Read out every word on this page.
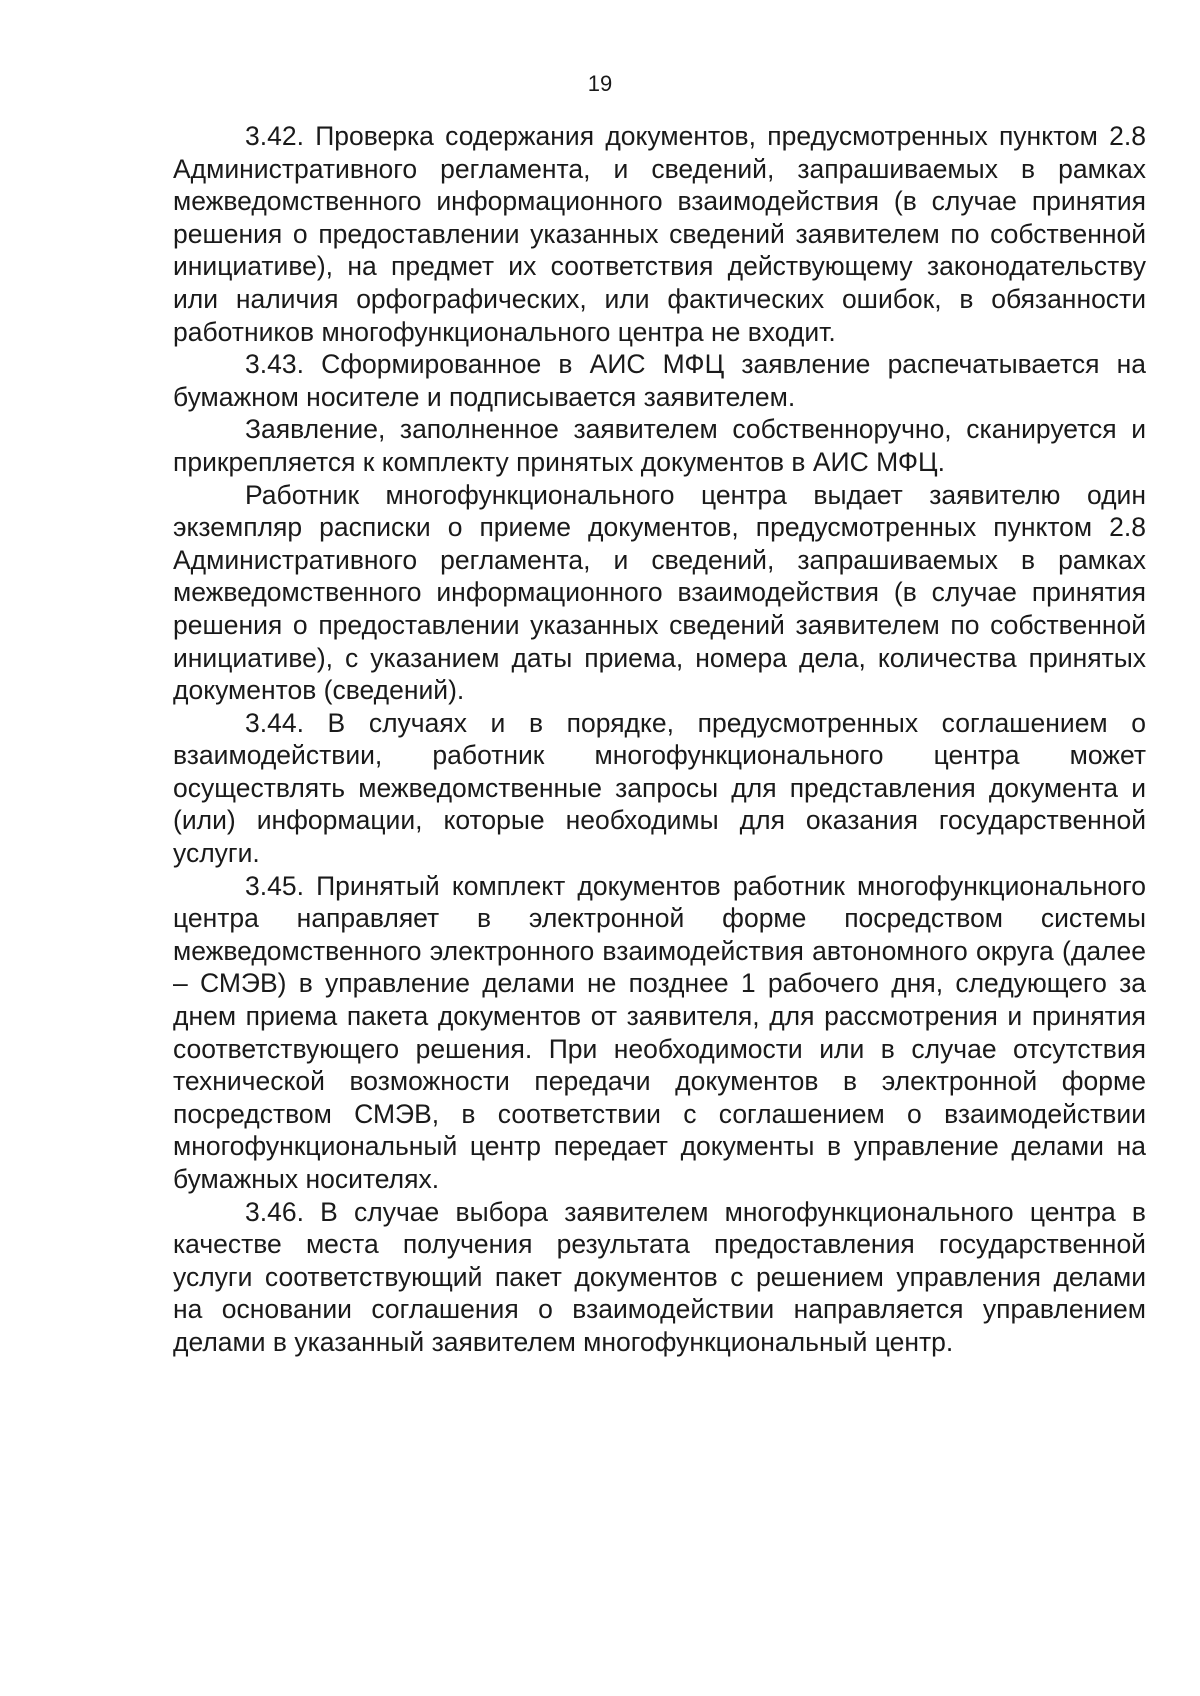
19

3.42. Проверка содержания документов, предусмотренных пунктом 2.8 Административного регламента, и сведений, запрашиваемых в рамках межведомственного информационного взаимодействия (в случае принятия решения о предоставлении указанных сведений заявителем по собственной инициативе), на предмет их соответствия действующему законодательству или наличия орфографических, или фактических ошибок, в обязанности работников многофункционального центра не входит.

3.43. Сформированное в АИС МФЦ заявление распечатывается на бумажном носителе и подписывается заявителем.

Заявление, заполненное заявителем собственноручно, сканируется и прикрепляется к комплекту принятых документов в АИС МФЦ.

Работник многофункционального центра выдает заявителю один экземпляр расписки о приеме документов, предусмотренных пунктом 2.8 Административного регламента, и сведений, запрашиваемых в рамках межведомственного информационного взаимодействия (в случае принятия решения о предоставлении указанных сведений заявителем по собственной инициативе), с указанием даты приема, номера дела, количества принятых документов (сведений).

3.44. В случаях и в порядке, предусмотренных соглашением о взаимодействии, работник многофункционального центра может осуществлять межведомственные запросы для представления документа и (или) информации, которые необходимы для оказания государственной услуги.

3.45. Принятый комплект документов работник многофункционального центра направляет в электронной форме посредством системы межведомственного электронного взаимодействия автономного округа (далее – СМЭВ) в управление делами не позднее 1 рабочего дня, следующего за днем приема пакета документов от заявителя, для рассмотрения и принятия соответствующего решения. При необходимости или в случае отсутствия технической возможности передачи документов в электронной форме посредством СМЭВ, в соответствии с соглашением о взаимодействии многофункциональный центр передает документы в управление делами на бумажных носителях.

3.46. В случае выбора заявителем многофункционального центра в качестве места получения результата предоставления государственной услуги соответствующий пакет документов с решением управления делами на основании соглашения о взаимодействии направляется управлением делами в указанный заявителем многофункциональный центр.
